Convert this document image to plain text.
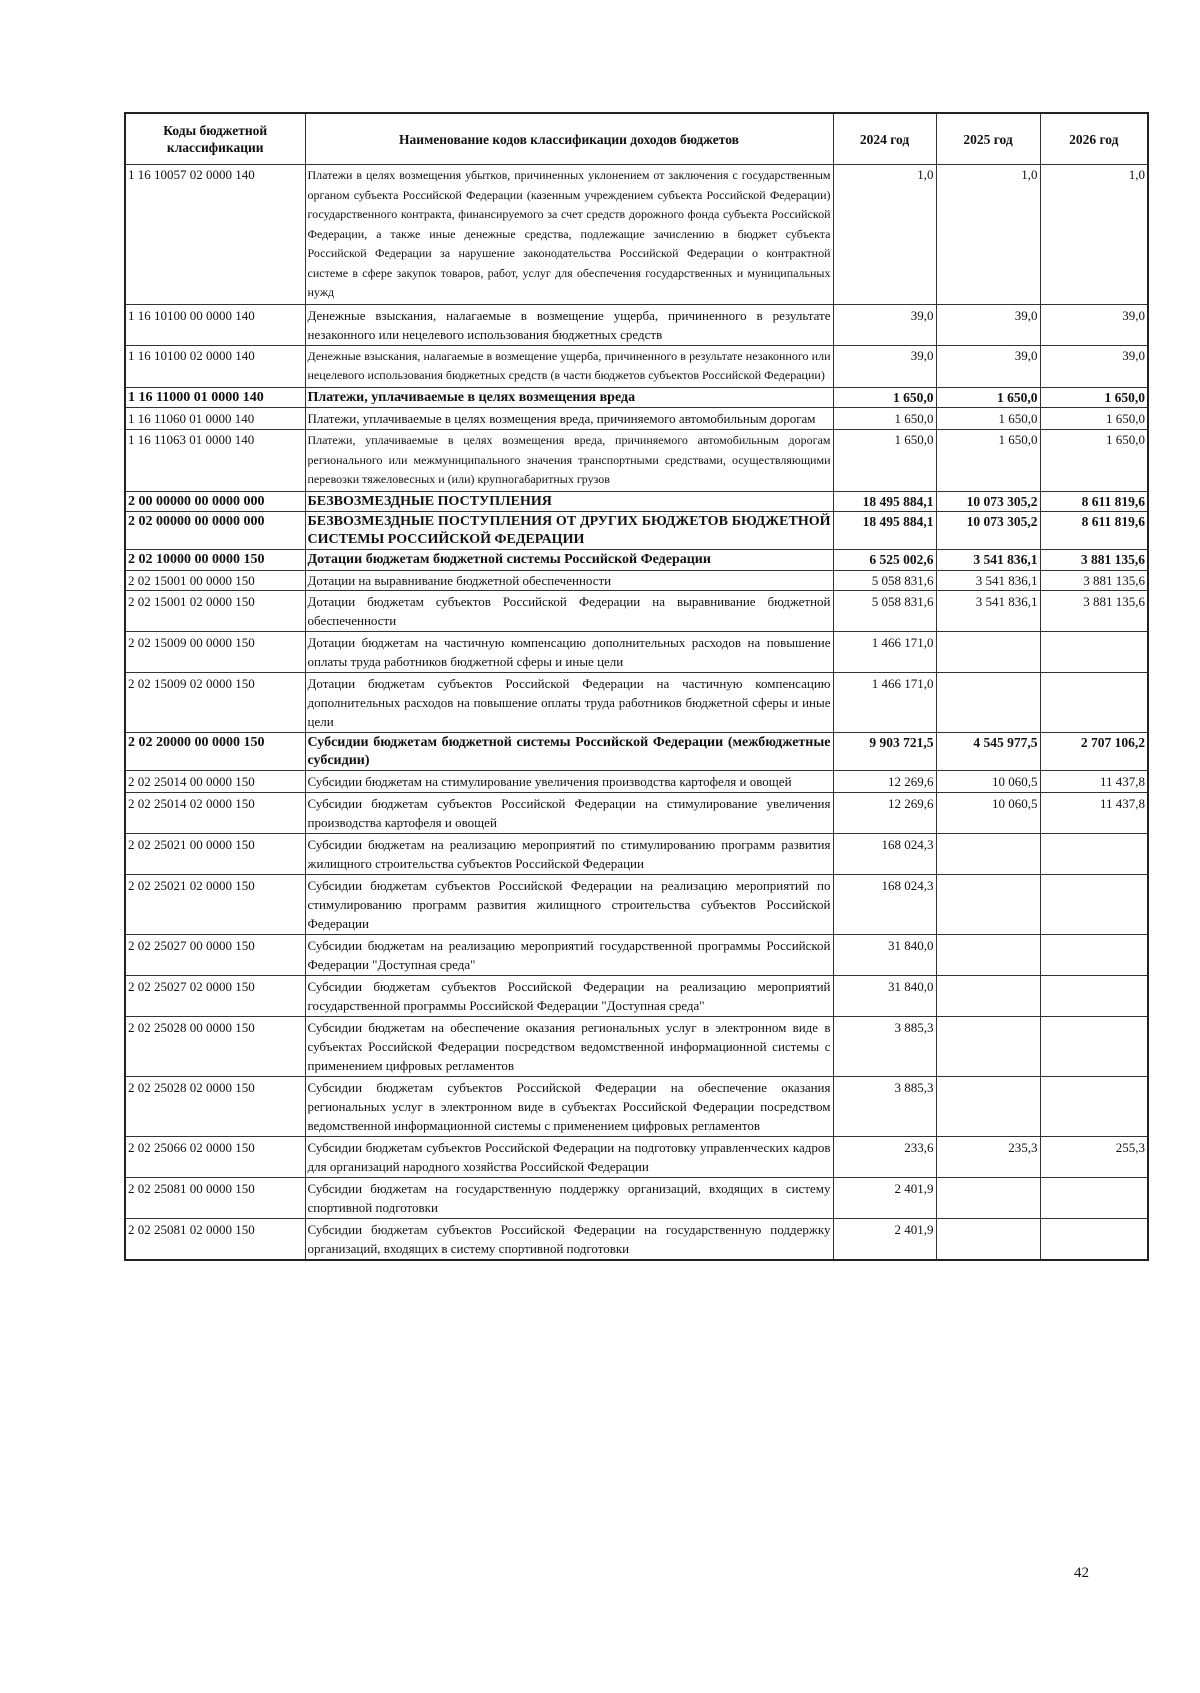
Коды бюджетной классификации	Наименование кодов классификации доходов бюджетов	2024 год	2025 год	2026 год
1 16 10057 02 0000 140	Платежи в целях возмещения убытков, причиненных уклонением от заключения с государственным органом субъекта Российской Федерации (казенным учреждением субъекта Российской Федерации) государственного контракта, финансируемого за счет средств дорожного фонда субъекта Российской Федерации, а также иные денежные средства, подлежащие зачислению в бюджет субъекта Российской Федерации за нарушение законодательства Российской Федерации о контрактной системе в сфере закупок товаров, работ, услуг для обеспечения государственных и муниципальных нужд	1,0	1,0	1,0
1 16 10100 00 0000 140	Денежные взыскания, налагаемые в возмещение ущерба, причиненного в результате незаконного или нецелевого использования бюджетных средств	39,0	39,0	39,0
1 16 10100 02 0000 140	Денежные взыскания, налагаемые в возмещение ущерба, причиненного в результате незаконного или нецелевого использования бюджетных средств (в части бюджетов субъектов Российской Федерации)	39,0	39,0	39,0
1 16 11000 01 0000 140	Платежи, уплачиваемые в целях возмещения вреда	1 650,0	1 650,0	1 650,0
1 16 11060 01 0000 140	Платежи, уплачиваемые в целях возмещения вреда, причиняемого автомобильным дорогам	1 650,0	1 650,0	1 650,0
1 16 11063 01 0000 140	Платежи, уплачиваемые в целях возмещения вреда, причиняемого автомобильным дорогам регионального или межмуниципального значения транспортными средствами, осуществляющими перевозки тяжеловесных и (или) крупногабаритных грузов	1 650,0	1 650,0	1 650,0
2 00 00000 00 0000 000	БЕЗВОЗМЕЗДНЫЕ ПОСТУПЛЕНИЯ	18 495 884,1	10 073 305,2	8 611 819,6
2 02 00000 00 0000 000	БЕЗВОЗМЕЗДНЫЕ ПОСТУПЛЕНИЯ ОТ ДРУГИХ БЮДЖЕТОВ БЮДЖЕТНОЙ СИСТЕМЫ РОССИЙСКОЙ ФЕДЕРАЦИИ	18 495 884,1	10 073 305,2	8 611 819,6
2 02 10000 00 0000 150	Дотации бюджетам бюджетной системы Российской Федерации	6 525 002,6	3 541 836,1	3 881 135,6
2 02 15001 00 0000 150	Дотации на выравнивание бюджетной обеспеченности	5 058 831,6	3 541 836,1	3 881 135,6
2 02 15001 02 0000 150	Дотации бюджетам субъектов Российской Федерации на выравнивание бюджетной обеспеченности	5 058 831,6	3 541 836,1	3 881 135,6
2 02 15009 00 0000 150	Дотации бюджетам на частичную компенсацию дополнительных расходов на повышение оплаты труда работников бюджетной сферы и иные цели	1 466 171,0		
2 02 15009 02 0000 150	Дотации бюджетам субъектов Российской Федерации на частичную компенсацию дополнительных расходов на повышение оплаты труда работников бюджетной сферы и иные цели	1 466 171,0		
2 02 20000 00 0000 150	Субсидии бюджетам бюджетной системы Российской Федерации (межбюджетные субсидии)	9 903 721,5	4 545 977,5	2 707 106,2
2 02 25014 00 0000 150	Субсидии бюджетам на стимулирование увеличения производства картофеля и овощей	12 269,6	10 060,5	11 437,8
2 02 25014 02 0000 150	Субсидии бюджетам субъектов Российской Федерации на стимулирование увеличения производства картофеля и овощей	12 269,6	10 060,5	11 437,8
2 02 25021 00 0000 150	Субсидии бюджетам на реализацию мероприятий по стимулированию программ развития жилищного строительства субъектов Российской Федерации	168 024,3		
2 02 25021 02 0000 150	Субсидии бюджетам субъектов Российской Федерации на реализацию мероприятий по стимулированию программ развития жилищного строительства субъектов Российской Федерации	168 024,3		
2 02 25027 00 0000 150	Субсидии бюджетам на реализацию мероприятий государственной программы Российской Федерации "Доступная среда"	31 840,0		
2 02 25027 02 0000 150	Субсидии бюджетам субъектов Российской Федерации на реализацию мероприятий государственной программы Российской Федерации "Доступная среда"	31 840,0		
2 02 25028 00 0000 150	Субсидии бюджетам на обеспечение оказания региональных услуг в электронном виде в субъектах Российской Федерации посредством ведомственной информационной системы с применением цифровых регламентов	3 885,3		
2 02 25028 02 0000 150	Субсидии бюджетам субъектов Российской Федерации на обеспечение оказания региональных услуг в электронном виде в субъектах Российской Федерации посредством ведомственной информационной системы с применением цифровых регламентов	3 885,3		
2 02 25066 02 0000 150	Субсидии бюджетам субъектов Российской Федерации на подготовку управленческих кадров для организаций народного хозяйства Российской Федерации	233,6	235,3	255,3
2 02 25081 00 0000 150	Субсидии бюджетам на государственную поддержку организаций, входящих в систему спортивной подготовки	2 401,9		
2 02 25081 02 0000 150	Субсидии бюджетам субъектов Российской Федерации на государственную поддержку организаций, входящих в систему спортивной подготовки	2 401,9		
42
